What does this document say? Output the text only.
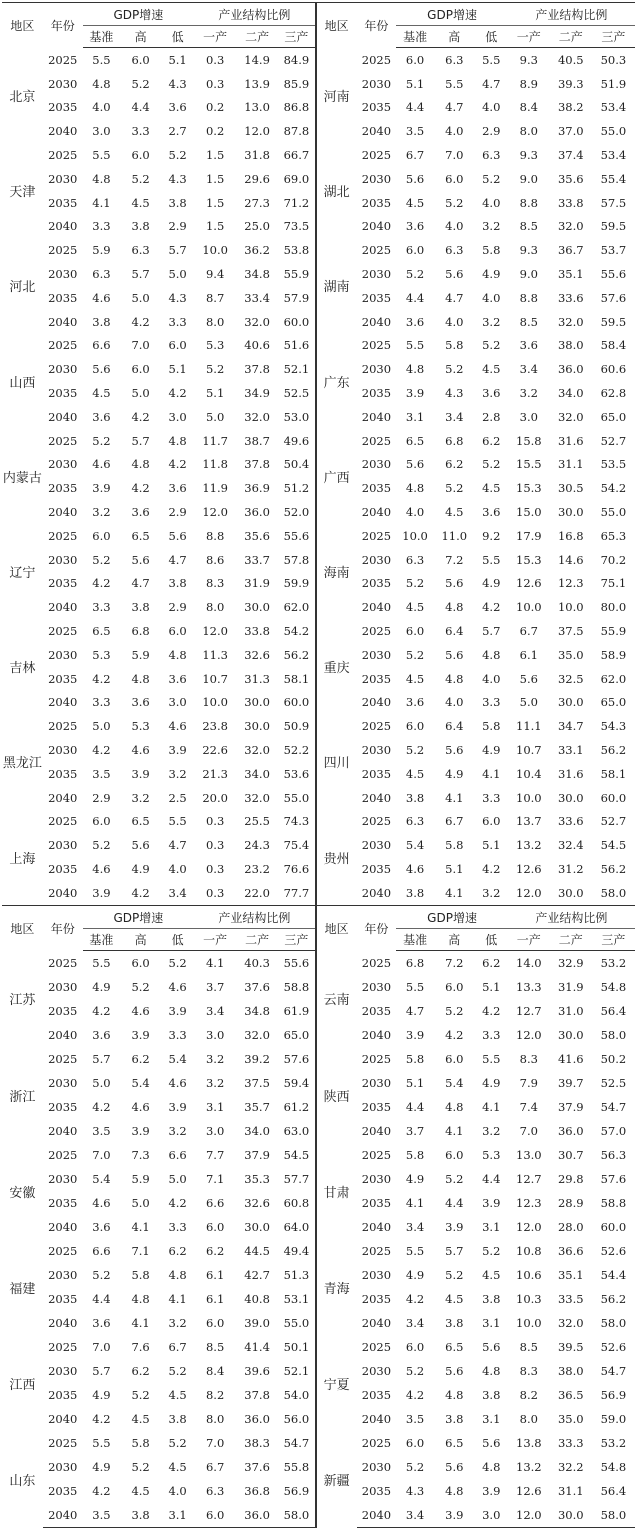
地区	年份	GDP增速			产业结构比例			地区	年份	GDP增速			产业结构比例		
		基准	高	低	一产	二产	三产			基准	高	低	一产	二产	三产
北京	2025	5.5	6.0	5.1	0.3	14.9	84.9	河南	2025	6.0	6.3	5.5	9.3	40.5	50.3
	2030	4.8	5.2	4.3	0.3	13.9	85.9		2030	5.1	5.5	4.7	8.9	39.3	51.9
	2035	4.0	4.4	3.6	0.2	13.0	86.8		2035	4.4	4.7	4.0	8.4	38.2	53.4
	2040	3.0	3.3	2.7	0.2	12.0	87.8		2040	3.5	4.0	2.9	8.0	37.0	55.0
天津	2025	5.5	6.0	5.2	1.5	31.8	66.7	湖北	2025	6.7	7.0	6.3	9.3	37.4	53.4
	2030	4.8	5.2	4.3	1.5	29.6	69.0		2030	5.6	6.0	5.2	9.0	35.6	55.4
	2035	4.1	4.5	3.8	1.5	27.3	71.2		2035	4.5	5.2	4.0	8.8	33.8	57.5
	2040	3.3	3.8	2.9	1.5	25.0	73.5		2040	3.6	4.0	3.2	8.5	32.0	59.5
河北	2025	5.9	6.3	5.7	10.0	36.2	53.8	湖南	2025	6.0	6.3	5.8	9.3	36.7	53.7
	2030	6.3	5.7	5.0	9.4	34.8	55.9		2030	5.2	5.6	4.9	9.0	35.1	55.6
	2035	4.6	5.0	4.3	8.7	33.4	57.9		2035	4.4	4.7	4.0	8.8	33.6	57.6
	2040	3.8	4.2	3.3	8.0	32.0	60.0		2040	3.6	4.0	3.2	8.5	32.0	59.5
山西	2025	6.6	7.0	6.0	5.3	40.6	51.6	广东	2025	5.5	5.8	5.2	3.6	38.0	58.4
	2030	5.6	6.0	5.1	5.2	37.8	52.1		2030	4.8	5.2	4.5	3.4	36.0	60.6
	2035	4.5	5.0	4.2	5.1	34.9	52.5		2035	3.9	4.3	3.6	3.2	34.0	62.8
	2040	3.6	4.2	3.0	5.0	32.0	53.0		2040	3.1	3.4	2.8	3.0	32.0	65.0
内蒙古	2025	5.2	5.7	4.8	11.7	38.7	49.6	广西	2025	6.5	6.8	6.2	15.8	31.6	52.7
	2030	4.6	4.8	4.2	11.8	37.8	50.4		2030	5.6	6.2	5.2	15.5	31.1	53.5
	2035	3.9	4.2	3.6	11.9	36.9	51.2		2035	4.8	5.2	4.5	15.3	30.5	54.2
	2040	3.2	3.6	2.9	12.0	36.0	52.0		2040	4.0	4.5	3.6	15.0	30.0	55.0
辽宁	2025	6.0	6.5	5.6	8.8	35.6	55.6	海南	2025	10.0	11.0	9.2	17.9	16.8	65.3
	2030	5.2	5.6	4.7	8.6	33.7	57.8		2030	6.3	7.2	5.5	15.3	14.6	70.2
	2035	4.2	4.7	3.8	8.3	31.9	59.9		2035	5.2	5.6	4.9	12.6	12.3	75.1
	2040	3.3	3.8	2.9	8.0	30.0	62.0		2040	4.5	4.8	4.2	10.0	10.0	80.0
吉林	2025	6.5	6.8	6.0	12.0	33.8	54.2	重庆	2025	6.0	6.4	5.7	6.7	37.5	55.9
	2030	5.3	5.9	4.8	11.3	32.6	56.2		2030	5.2	5.6	4.8	6.1	35.0	58.9
	2035	4.2	4.8	3.6	10.7	31.3	58.1		2035	4.5	4.8	4.0	5.6	32.5	62.0
	2040	3.3	3.6	3.0	10.0	30.0	60.0		2040	3.6	4.0	3.3	5.0	30.0	65.0
黑龙江	2025	5.0	5.3	4.6	23.8	30.0	50.9	四川	2025	6.0	6.4	5.8	11.1	34.7	54.3
	2030	4.2	4.6	3.9	22.6	32.0	52.2		2030	5.2	5.6	4.9	10.7	33.1	56.2
	2035	3.5	3.9	3.2	21.3	34.0	53.6		2035	4.5	4.9	4.1	10.4	31.6	58.1
	2040	2.9	3.2	2.5	20.0	32.0	55.0		2040	3.8	4.1	3.3	10.0	30.0	60.0
上海	2025	6.0	6.5	5.5	0.3	25.5	74.3	贵州	2025	6.3	6.7	6.0	13.7	33.6	52.7
	2030	5.2	5.6	4.7	0.3	24.3	75.4		2030	5.4	5.8	5.1	13.2	32.4	54.5
	2035	4.6	4.9	4.0	0.3	23.2	76.6		2035	4.6	5.1	4.2	12.6	31.2	56.2
	2040	3.9	4.2	3.4	0.3	22.0	77.7		2040	3.8	4.1	3.2	12.0	30.0	58.0
地区	年份	GDP增速			产业结构比例			地区	年份	GDP增速			产业结构比例		
		基准	高	低	一产	二产	三产			基准	高	低	一产	二产	三产
江苏	2025	5.5	6.0	5.2	4.1	40.3	55.6	云南	2025	6.8	7.2	6.2	14.0	32.9	53.2
	2030	4.9	5.2	4.6	3.7	37.6	58.8		2030	5.5	6.0	5.1	13.3	31.9	54.8
	2035	4.2	4.6	3.9	3.4	34.8	61.9		2035	4.7	5.2	4.2	12.7	31.0	56.4
	2040	3.6	3.9	3.3	3.0	32.0	65.0		2040	3.9	4.2	3.3	12.0	30.0	58.0
浙江	2025	5.7	6.2	5.4	3.2	39.2	57.6	陕西	2025	5.8	6.0	5.5	8.3	41.6	50.2
	2030	5.0	5.4	4.6	3.2	37.5	59.4		2030	5.1	5.4	4.9	7.9	39.7	52.5
	2035	4.2	4.6	3.9	3.1	35.7	61.2		2035	4.4	4.8	4.1	7.4	37.9	54.7
	2040	3.5	3.9	3.2	3.0	34.0	63.0		2040	3.7	4.1	3.2	7.0	36.0	57.0
安徽	2025	7.0	7.3	6.6	7.7	37.9	54.5	甘肃	2025	5.8	6.0	5.3	13.0	30.7	56.3
	2030	5.4	5.9	5.0	7.1	35.3	57.7		2030	4.9	5.2	4.4	12.7	29.8	57.6
	2035	4.6	5.0	4.2	6.6	32.6	60.8		2035	4.1	4.4	3.9	12.3	28.9	58.8
	2040	3.6	4.1	3.3	6.0	30.0	64.0		2040	3.4	3.9	3.1	12.0	28.0	60.0
福建	2025	6.6	7.1	6.2	6.2	44.5	49.4	青海	2025	5.5	5.7	5.2	10.8	36.6	52.6
	2030	5.2	5.8	4.8	6.1	42.7	51.3		2030	4.9	5.2	4.5	10.6	35.1	54.4
	2035	4.4	4.8	4.1	6.1	40.8	53.1		2035	4.2	4.5	3.8	10.3	33.5	56.2
	2040	3.6	4.1	3.2	6.0	39.0	55.0		2040	3.4	3.8	3.1	10.0	32.0	58.0
江西	2025	7.0	7.6	6.7	8.5	41.4	50.1	宁夏	2025	6.0	6.5	5.6	8.5	39.5	52.6
	2030	5.7	6.2	5.2	8.4	39.6	52.1		2030	5.2	5.6	4.8	8.3	38.0	54.7
	2035	4.9	5.2	4.5	8.2	37.8	54.0		2035	4.2	4.8	3.8	8.2	36.5	56.9
	2040	4.2	4.5	3.8	8.0	36.0	56.0		2040	3.5	3.8	3.1	8.0	35.0	59.0
山东	2025	5.5	5.8	5.2	7.0	38.3	54.7	新疆	2025	6.0	6.5	5.6	13.8	33.3	53.2
	2030	4.9	5.2	4.5	6.7	37.6	55.8		2030	5.2	5.6	4.8	13.2	32.2	54.8
	2035	4.2	4.5	4.0	6.3	36.8	56.9		2035	4.3	4.8	3.9	12.6	31.1	56.4
	2040	3.5	3.8	3.1	6.0	36.0	58.0		2040	3.4	3.9	3.0	12.0	30.0	58.0
